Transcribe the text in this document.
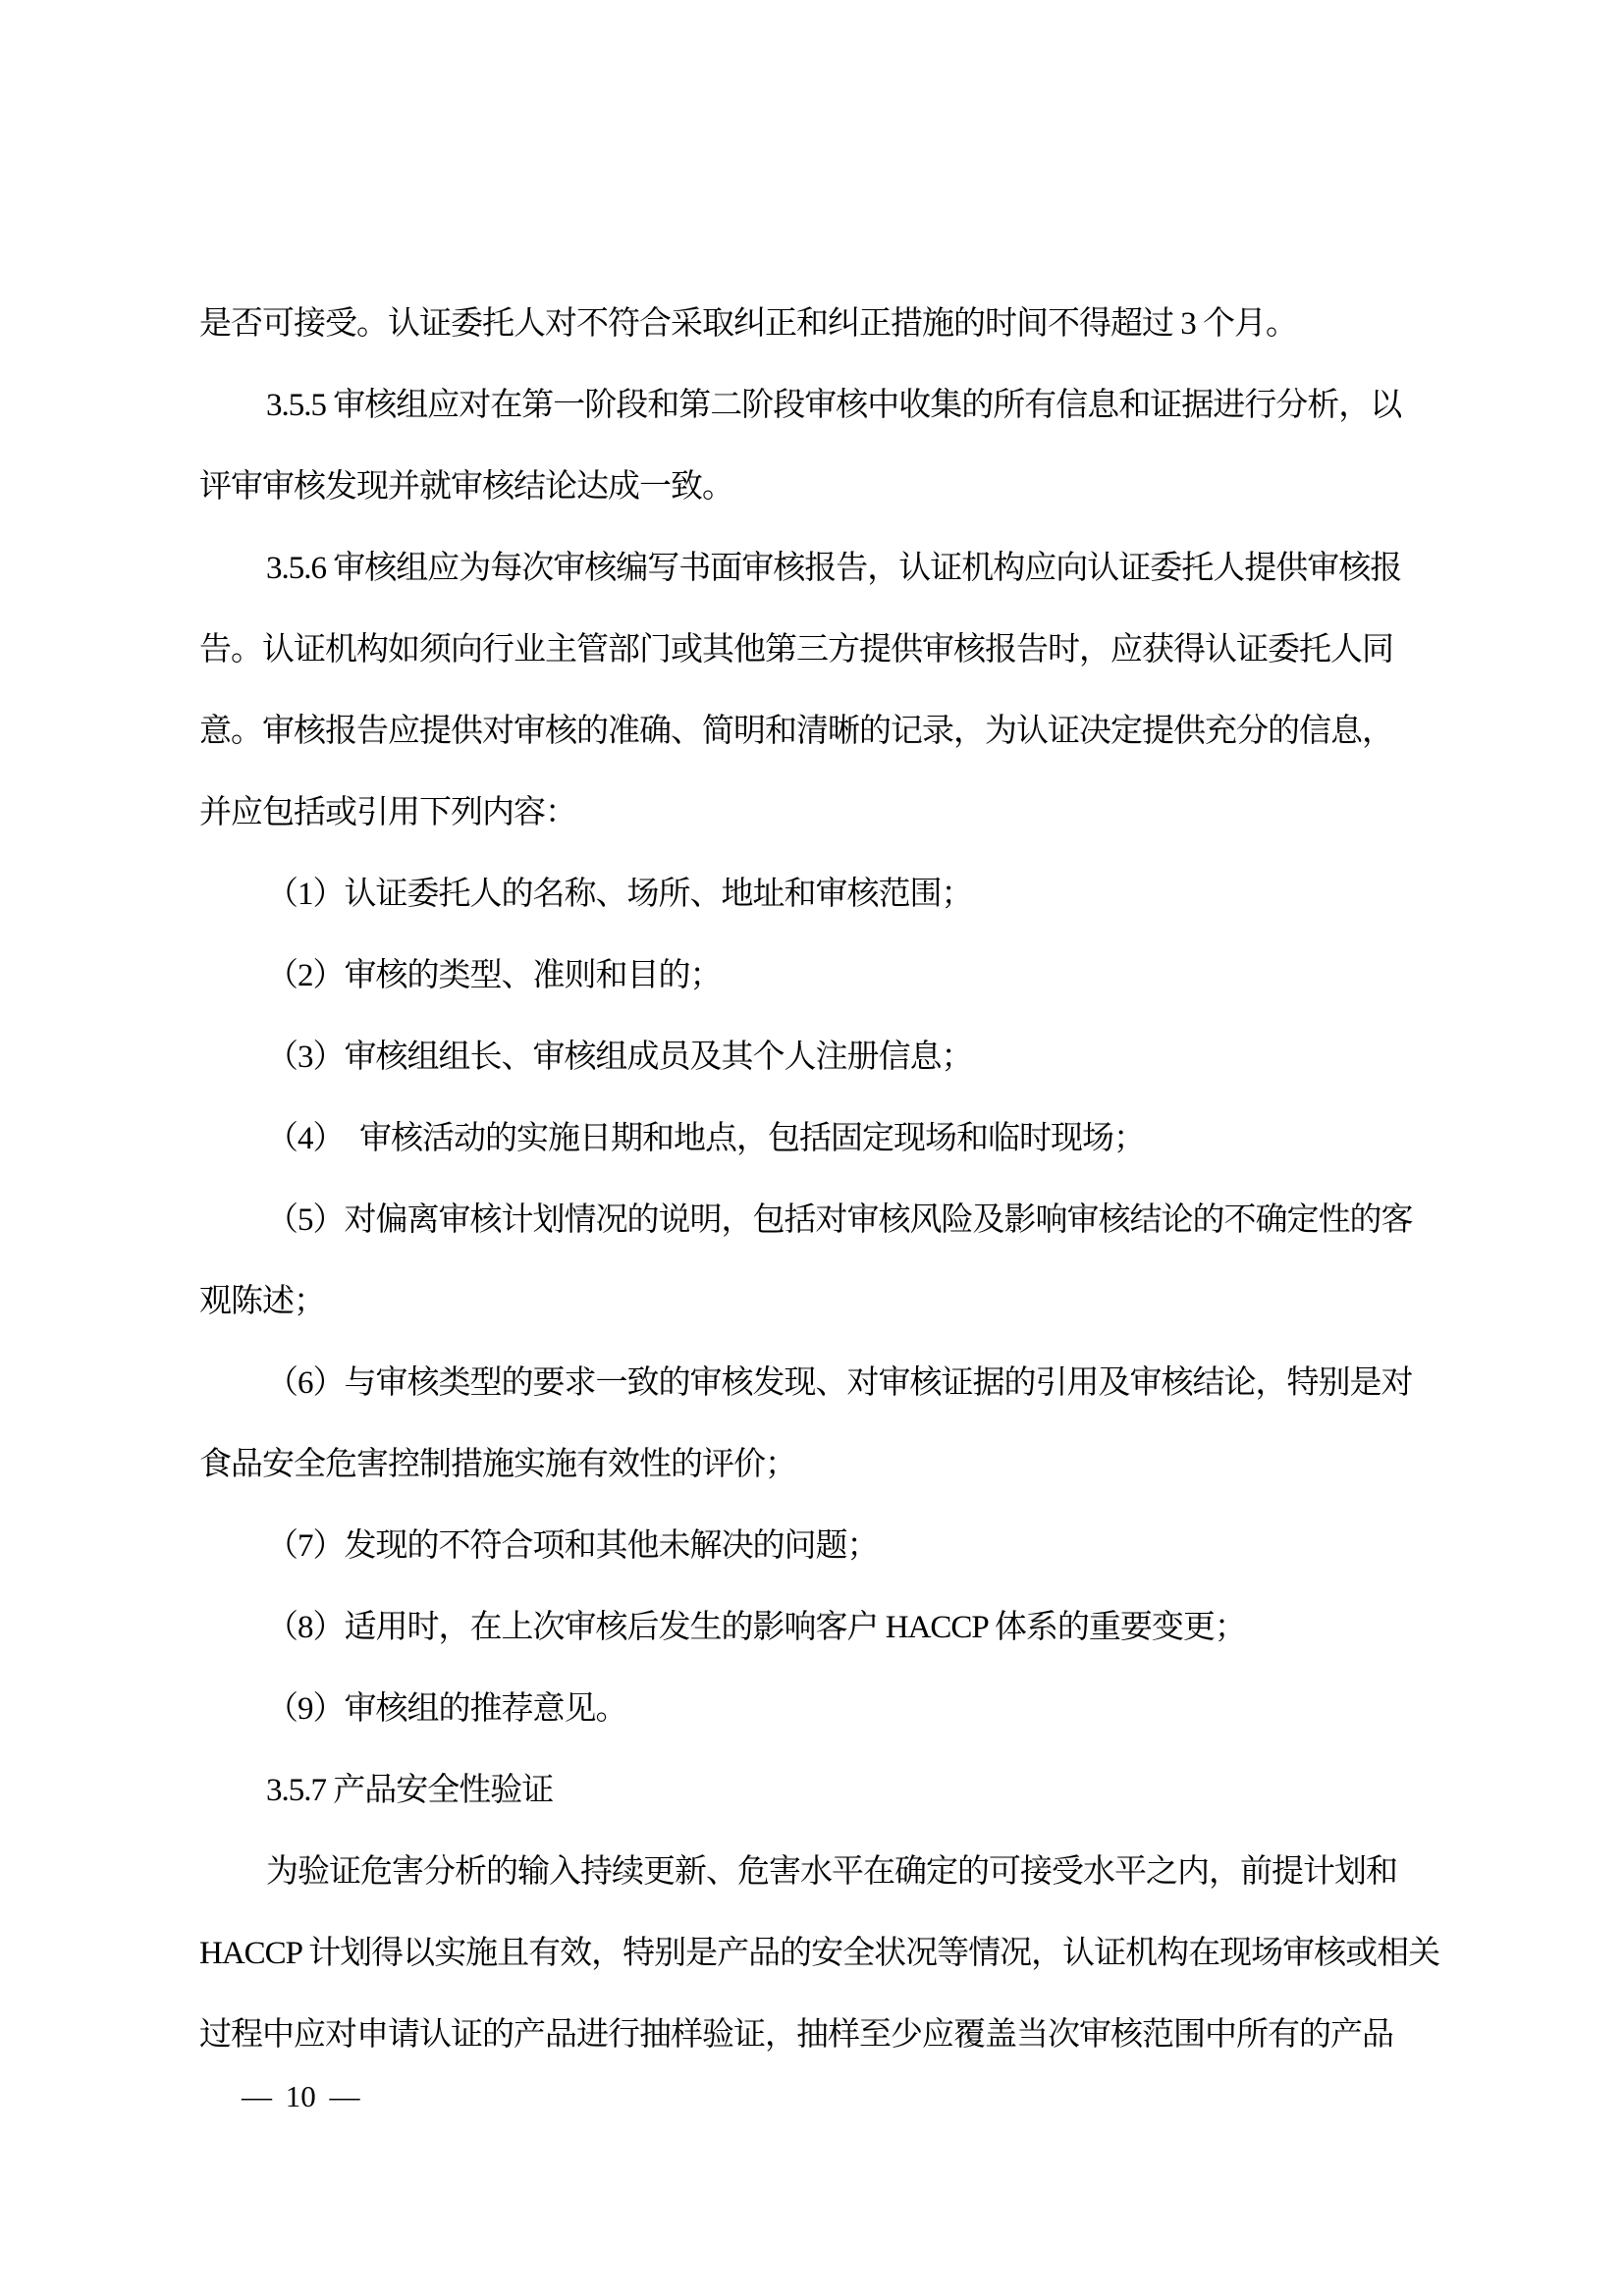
是否可接受。认证委托人对不符合采取纠正和纠正措施的时间不得超过 3 个月。
3.5.5 审核组应对在第一阶段和第二阶段审核中收集的所有信息和证据进行分析，以
评审审核发现并就审核结论达成一致。
3.5.6 审核组应为每次审核编写书面审核报告，认证机构应向认证委托人提供审核报
告。认证机构如须向行业主管部门或其他第三方提供审核报告时，应获得认证委托人同
意。审核报告应提供对审核的准确、简明和清晰的记录，为认证决定提供充分的信息，
并应包括或引用下列内容：
（1）认证委托人的名称、场所、地址和审核范围；
（2）审核的类型、准则和目的；
（3）审核组组长、审核组成员及其个人注册信息；
（4）　审核活动的实施日期和地点，包括固定现场和临时现场；
（5）对偏离审核计划情况的说明，包括对审核风险及影响审核结论的不确定性的客
观陈述；
（6）与审核类型的要求一致的审核发现、对审核证据的引用及审核结论，特别是对
食品安全危害控制措施实施有效性的评价；
（7）发现的不符合项和其他未解决的问题；
（8）适用时，在上次审核后发生的影响客户 HACCP 体系的重要变更；
（9）审核组的推荐意见。
3.5.7 产品安全性验证
为验证危害分析的输入持续更新、危害水平在确定的可接受水平之内，前提计划和
HACCP 计划得以实施且有效，特别是产品的安全状况等情况，认证机构在现场审核或相关
过程中应对申请认证的产品进行抽样验证，抽样至少应覆盖当次审核范围中所有的产品
— 10 —
